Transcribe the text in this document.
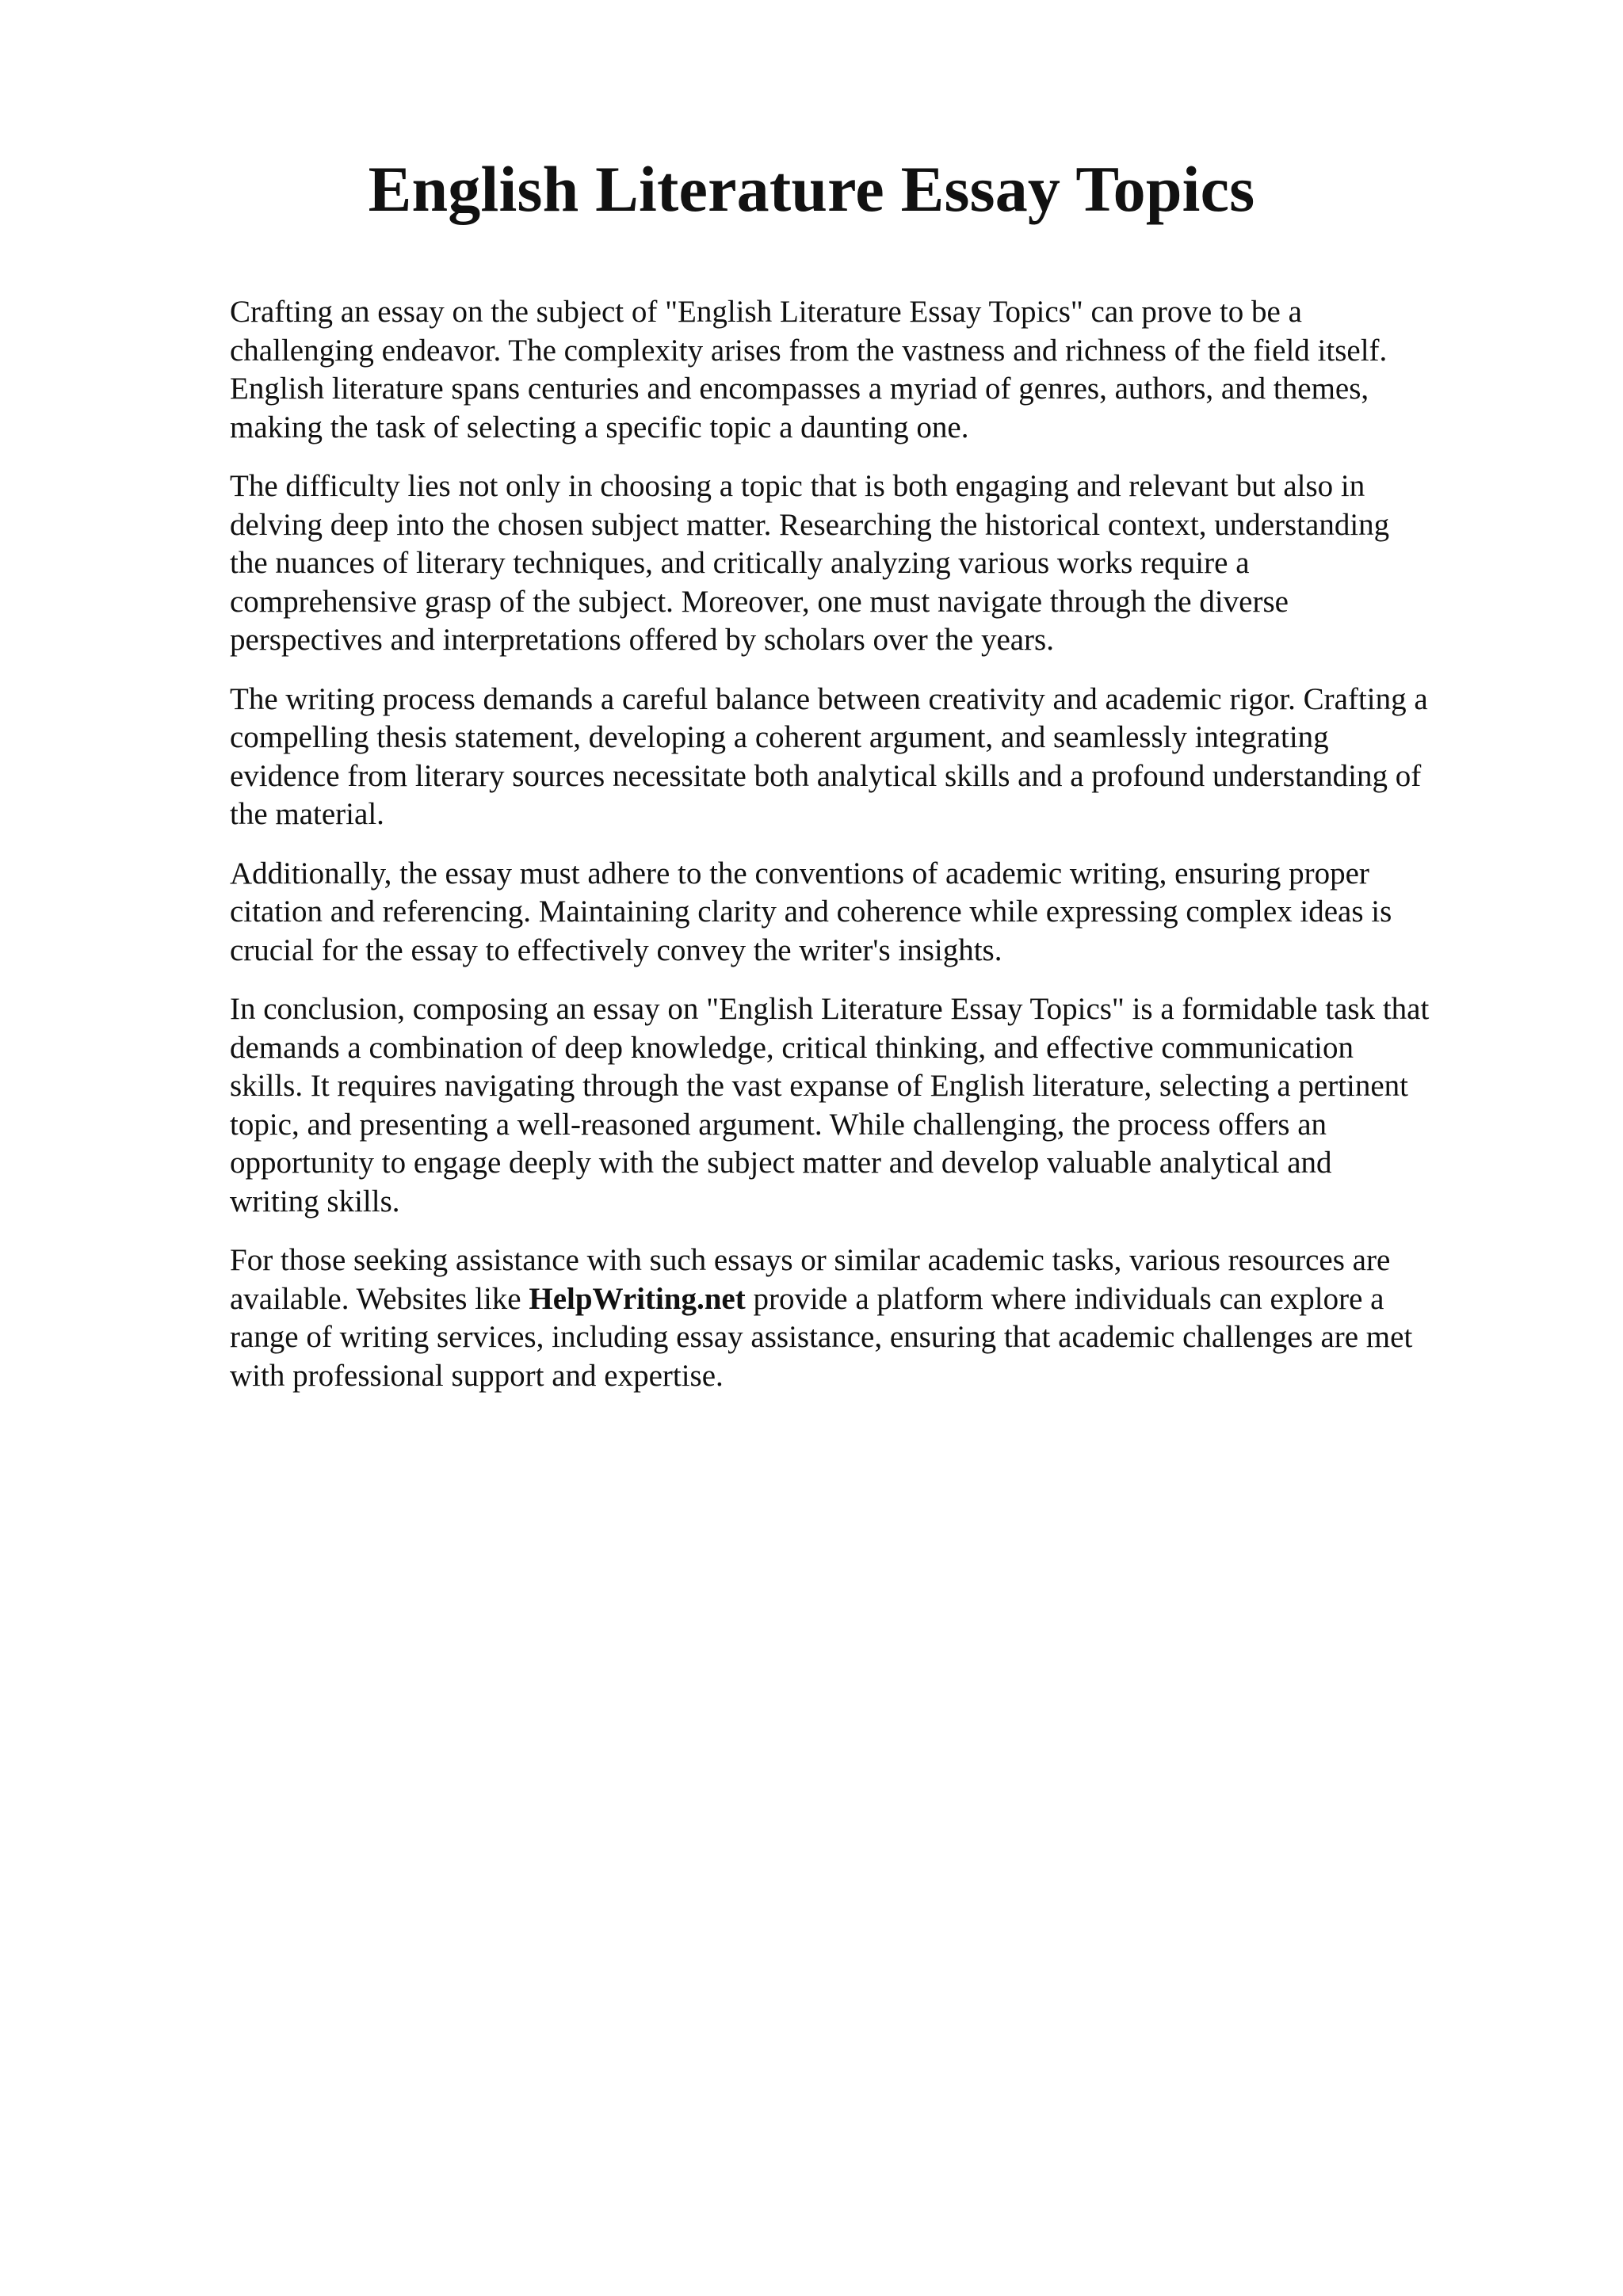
English Literature Essay Topics

Crafting an essay on the subject of "English Literature Essay Topics" can prove to be a
challenging endeavor. The complexity arises from the vastness and richness of the field itself.
English literature spans centuries and encompasses a myriad of genres, authors, and themes,
making the task of selecting a specific topic a daunting one.

The difficulty lies not only in choosing a topic that is both engaging and relevant but also in
delving deep into the chosen subject matter. Researching the historical context, understanding
the nuances of literary techniques, and critically analyzing various works require a
comprehensive grasp of the subject. Moreover, one must navigate through the diverse
perspectives and interpretations offered by scholars over the years.

The writing process demands a careful balance between creativity and academic rigor. Crafting a
compelling thesis statement, developing a coherent argument, and seamlessly integrating
evidence from literary sources necessitate both analytical skills and a profound understanding of
the material.

Additionally, the essay must adhere to the conventions of academic writing, ensuring proper
citation and referencing. Maintaining clarity and coherence while expressing complex ideas is
crucial for the essay to effectively convey the writer's insights.

In conclusion, composing an essay on "English Literature Essay Topics" is a formidable task that
demands a combination of deep knowledge, critical thinking, and effective communication
skills. It requires navigating through the vast expanse of English literature, selecting a pertinent
topic, and presenting a well-reasoned argument. While challenging, the process offers an
opportunity to engage deeply with the subject matter and develop valuable analytical and
writing skills.

For those seeking assistance with such essays or similar academic tasks, various resources are
available. Websites like HelpWriting.net provide a platform where individuals can explore a
range of writing services, including essay assistance, ensuring that academic challenges are met
with professional support and expertise.
